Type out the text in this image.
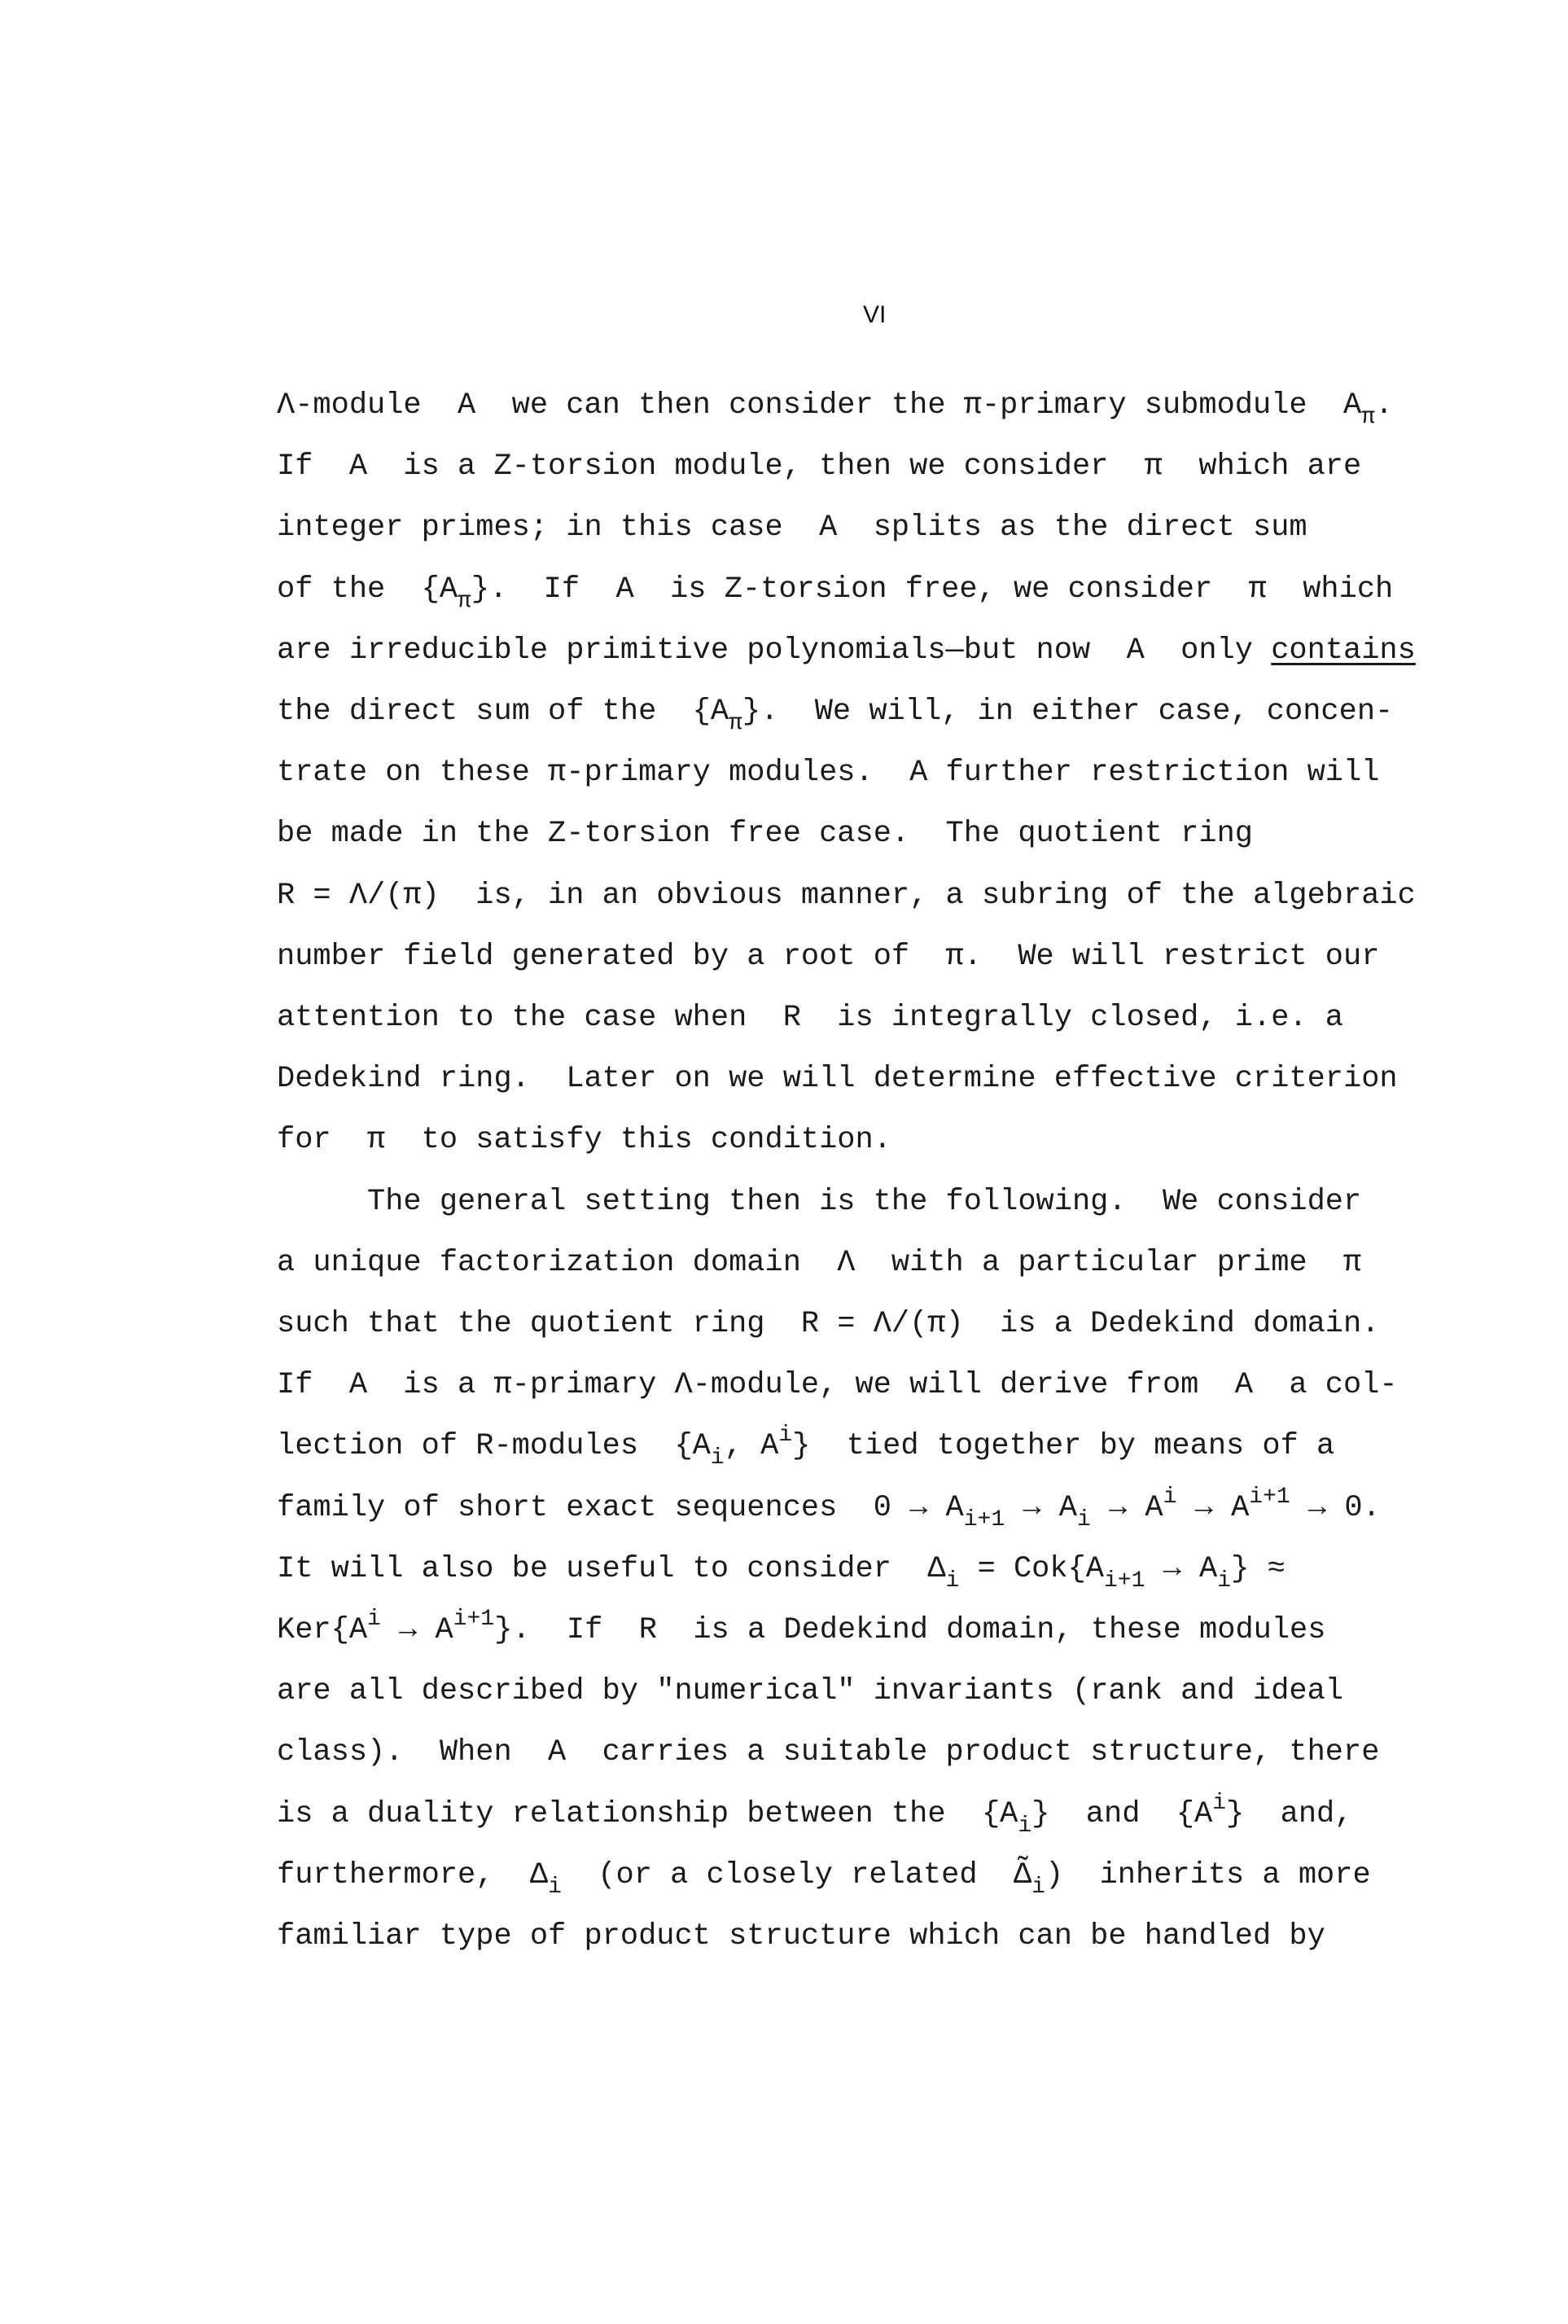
VI
Λ-module  A  we can then consider the π-primary submodule  $A_\pi$.
If  A  is a Z-torsion module, then we consider  π  which are
integer primes; in this case  A  splits as the direct sum
of the  $\{A_\pi\}$.  If  A  is Z-torsion free, we consider  π  which
are irreducible primitive polynomials—but now  A  only contains
the direct sum of the  $\{A_\pi\}$.  We will, in either case, concen-
trate on these π-primary modules.  A further restriction will
be made in the Z-torsion free case.  The quotient ring
R = Λ/(π)  is, in an obvious manner, a subring of the algebraic
number field generated by a root of  π.  We will restrict our
attention to the case when  R  is integrally closed, i.e. a
Dedekind ring.  Later on we will determine effective criterion
for  π  to satisfy this condition.
The general setting then is the following.  We consider
a unique factorization domain  Λ  with a particular prime  π
such that the quotient ring  R = Λ/(π)  is a Dedekind domain.
If  A  is a π-primary Λ-module, we will derive from  A  a col-
lection of R-modules  {$A_i$, $A^i$}  tied together by means of a
family of short exact sequences  $0 \to A_{i+1} \to A_i \to A^i \to A^{i+1} \to 0$.
It will also be useful to consider  $\Delta_i = Cok\{A_{i+1} \to A_i\}$ ≈
$Ker\{A^i \to A^{i+1}\}$.  If  R  is a Dedekind domain, these modules
are all described by "numerical" invariants (rank and ideal
class).  When  A  carries a suitable product structure, there
is a duality relationship between the  $\{A_i\}$  and  $\{A^i\}$  and,
furthermore,  $\Delta_i$  (or a closely related  $\Deltã_i$)  inherits a more
familiar type of product structure which can be handled by
